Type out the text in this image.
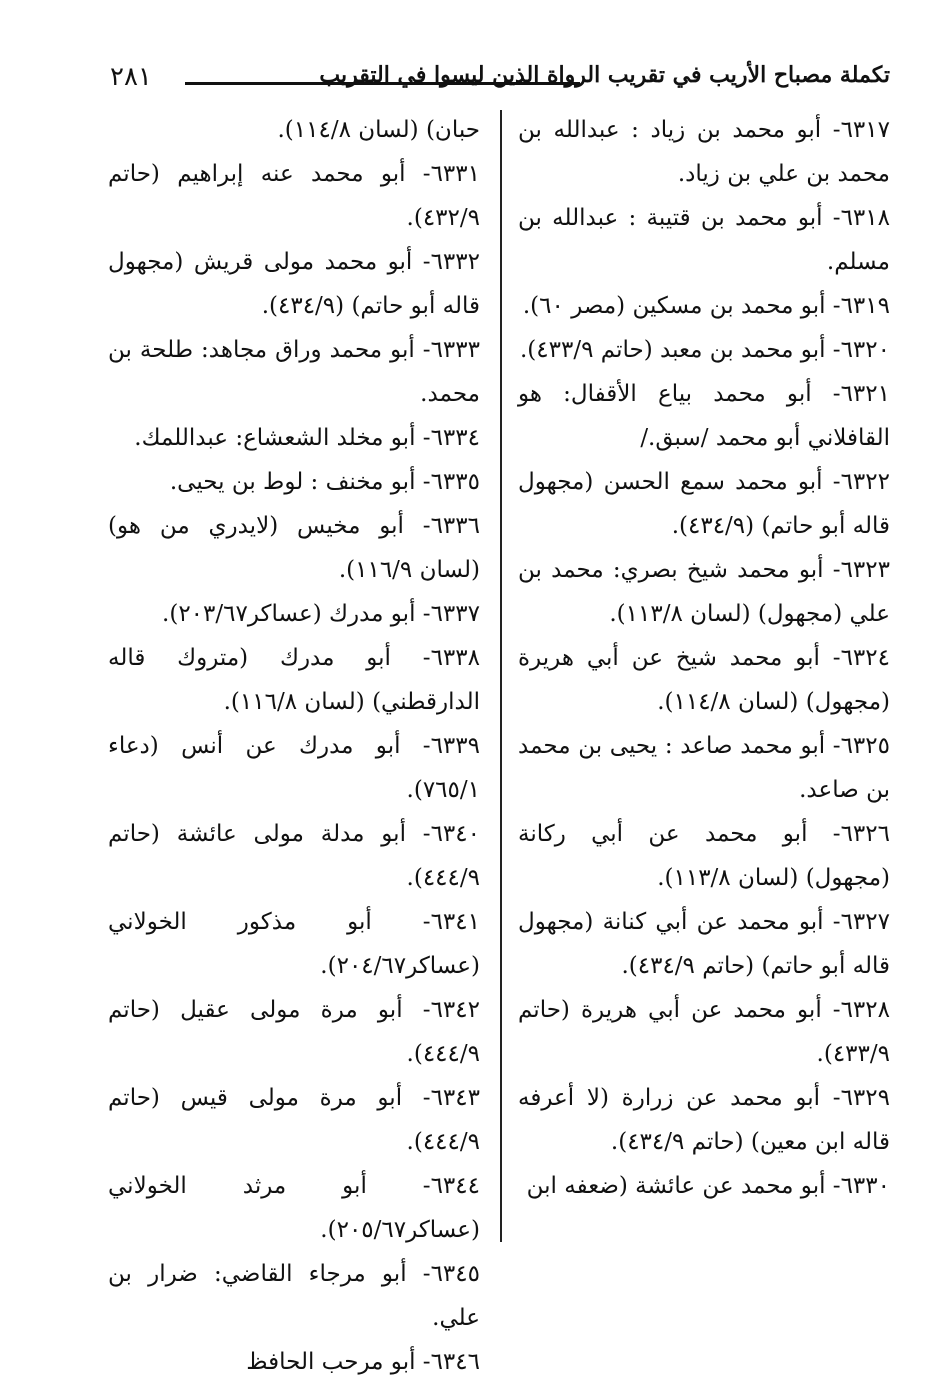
٢٨١	تكملة مصباح الأريب في تقريب الرواة الذين ليسوا في التقريب
٦٣١٧- أبو محمد بن زياد : عبدالله بن محمد بن علي بن زياد.
٦٣١٨- أبو محمد بن قتيبة : عبدالله بن مسلم.
٦٣١٩- أبو محمد بن مسكين (مصر ٦٠).
٦٣٢٠- أبو محمد بن معبد (حاتم ٤٣٣/٩).
٦٣٢١- أبو محمد بياع الأقفال: هو القافلاني أبو محمد /سبق./
٦٣٢٢- أبو محمد سمع الحسن (مجهول قاله أبو حاتم) (٤٣٤/٩).
٦٣٢٣- أبو محمد شيخ بصري: محمد بن علي (مجهول) (لسان ١١٣/٨).
٦٣٢٤- أبو محمد شيخ عن أبي هريرة (مجهول) (لسان ١١٤/٨).
٦٣٢٥- أبو محمد صاعد : يحيى بن محمد بن صاعد.
٦٣٢٦- أبو محمد عن أبي ركانة (مجهول) (لسان ١١٣/٨).
٦٣٢٧- أبو محمد عن أبي كنانة (مجهول قاله أبو حاتم) (حاتم ٤٣٤/٩).
٦٣٢٨- أبو محمد عن أبي هريرة (حاتم ٤٣٣/٩).
٦٣٢٩- أبو محمد عن زرارة (لا أعرفه قاله ابن معين) (حاتم ٤٣٤/٩).
٦٣٣٠- أبو محمد عن عائشة (ضعفه ابن
حبان) (لسان ١١٤/٨).
٦٣٣١- أبو محمد عنه إبراهيم (حاتم ٤٣٢/٩).
٦٣٣٢- أبو محمد مولى قريش (مجهول قاله أبو حاتم) (٤٣٤/٩).
٦٣٣٣- أبو محمد وراق مجاهد: طلحة بن محمد.
٦٣٣٤- أبو مخلد الشعشاع: عبداللمك.
٦٣٣٥- أبو مخنف : لوط بن يحيى.
٦٣٣٦- أبو مخيس (لايدري من هو) (لسان ١١٦/٩).
٦٣٣٧- أبو مدرك (عساكر٢٠٣/٦٧).
٦٣٣٨- أبو مدرك (متروك قاله الدارقطني) (لسان ١١٦/٨).
٦٣٣٩- أبو مدرك عن أنس (دعاء ٧٦٥/١).
٦٣٤٠- أبو مدلة مولى عائشة (حاتم ٤٤٤/٩).
٦٣٤١- أبو مذكور الخولاني (عساكر٢٠٤/٦٧).
٦٣٤٢- أبو مرة مولى عقيل (حاتم ٤٤٤/٩).
٦٣٤٣- أبو مرة مولى قيس (حاتم ٤٤٤/٩).
٦٣٤٤- أبو مرثد الخولاني (عساكر٢٠٥/٦٧).
٦٣٤٥- أبو مرجاء القاضي: ضرار بن علي.
٦٣٤٦- أبو مرحب الحافظ
